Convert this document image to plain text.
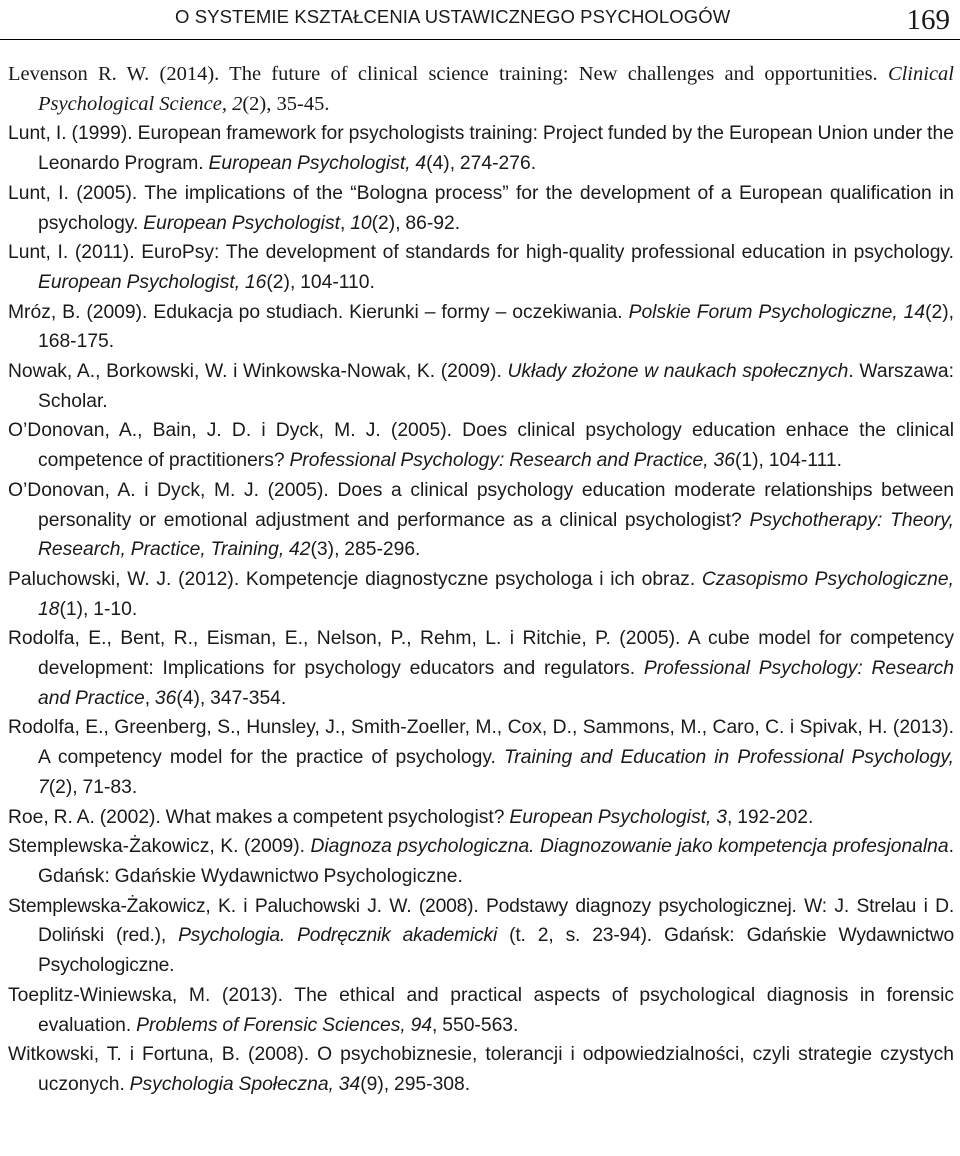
O SYSTEMIE KSZTAŁCENIA USTAWICZNEGO PSYCHOLOGÓW	169

Levenson R. W. (2014). The future of clinical science training: New challenges and opportunities. Clinical Psychological Science, 2(2), 35-45.

Lunt, I. (1999). European framework for psychologists training: Project funded by the European Union under the Leonardo Program. European Psychologist, 4(4), 274-276.

Lunt, I. (2005). The implications of the “Bologna process” for the development of a European qualification in psychology. European Psychologist, 10(2), 86-92.

Lunt, I. (2011). EuroPsy: The development of standards for high-quality professional education in psychology. European Psychologist, 16(2), 104-110.

Mróz, B. (2009). Edukacja po studiach. Kierunki – formy – oczekiwania. Polskie Forum Psychologiczne, 14(2), 168-175.

Nowak, A., Borkowski, W. i Winkowska-Nowak, K. (2009). Układy złożone w naukach społecznych. Warszawa: Scholar.

O’Donovan, A., Bain, J. D. i Dyck, M. J. (2005). Does clinical psychology education enhace the clinical competence of practitioners? Professional Psychology: Research and Practice, 36(1), 104-111.

O’Donovan, A. i Dyck, M. J. (2005). Does a clinical psychology education moderate relationships between personality or emotional adjustment and performance as a clinical psychologist? Psychotherapy: Theory, Research, Practice, Training, 42(3), 285-296.

Paluchowski, W. J. (2012). Kompetencje diagnostyczne psychologa i ich obraz. Czasopismo Psychologiczne, 18(1), 1-10.

Rodolfa, E., Bent, R., Eisman, E., Nelson, P., Rehm, L. i Ritchie, P. (2005). A cube model for competency development: Implications for psychology educators and regulators. Professional Psychology: Research and Practice, 36(4), 347-354.

Rodolfa, E., Greenberg, S., Hunsley, J., Smith-Zoeller, M., Cox, D., Sammons, M., Caro, C. i Spivak, H. (2013). A competency model for the practice of psychology. Training and Education in Professional Psychology, 7(2), 71-83.

Roe, R. A. (2002). What makes a competent psychologist? European Psychologist, 3, 192-202.

Stemplewska-Żakowicz, K. (2009). Diagnoza psychologiczna. Diagnozowanie jako kompetencja profesjonalna. Gdańsk: Gdańskie Wydawnictwo Psychologiczne.

Stemplewska-Żakowicz, K. i Paluchowski J. W. (2008). Podstawy diagnozy psychologicznej. W: J. Strelau i D. Doliński (red.), Psychologia. Podręcznik akademicki (t. 2, s. 23-94). Gdańsk: Gdańskie Wydawnictwo Psychologiczne.

Toeplitz-Winiewska, M. (2013). The ethical and practical aspects of psychological diagnosis in forensic evaluation. Problems of Forensic Sciences, 94, 550-563.

Witkowski, T. i Fortuna, B. (2008). O psychobiznesie, tolerancji i odpowiedzialności, czyli strategie czystych uczonych. Psychologia Społeczna, 34(9), 295-308.
